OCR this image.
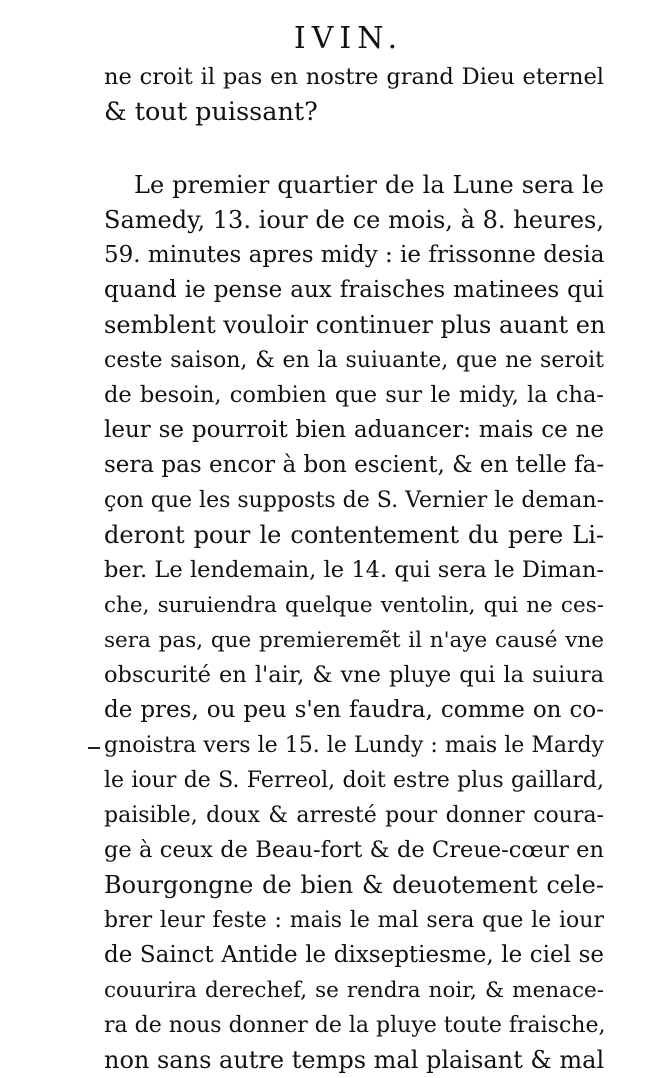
IVIN.
ne croit il pas en nostre grand Dieu eternel
& tout puissant?
Le premier quartier de la Lune sera le
Samedy, 13. iour de ce mois, à 8. heures,
59. minutes apres midy : ie frissonne desia
quand ie pense aux fraisches matinees qui
semblent vouloir continuer plus auant en
ceste saison, & en la suiuante, que ne seroit
de besoin, combien que sur le midy, la cha-
leur se pourroit bien aduancer: mais ce ne
sera pas encor à bon escient, & en telle fa-
çon que les supposts de S. Vernier le deman-
deront pour le contentement du pere Li-
ber. Le lendemain, le 14. qui sera le Diman-
che, suruiendra quelque ventolin, qui ne ces-
sera pas, que premieremẽt il n'aye causé vne
obscurité en l'air, & vne pluye qui la suiura
de pres, ou peu s'en faudra, comme on co-
gnoistra vers le 15. le Lundy : mais le Mardy
le iour de S. Ferreol, doit estre plus gaillard,
paisible, doux & arresté pour donner coura-
ge à ceux de Beau-fort & de Creue-cœur en
Bourgongne de bien & deuotement cele-
brer leur feste : mais le mal sera que le iour
de Sainct Antide le dixseptiesme, le ciel se
couurira derechef, se rendra noir, & menace-
ra de nous donner de la pluye toute fraische,
non sans autre temps mal plaisant & mal
